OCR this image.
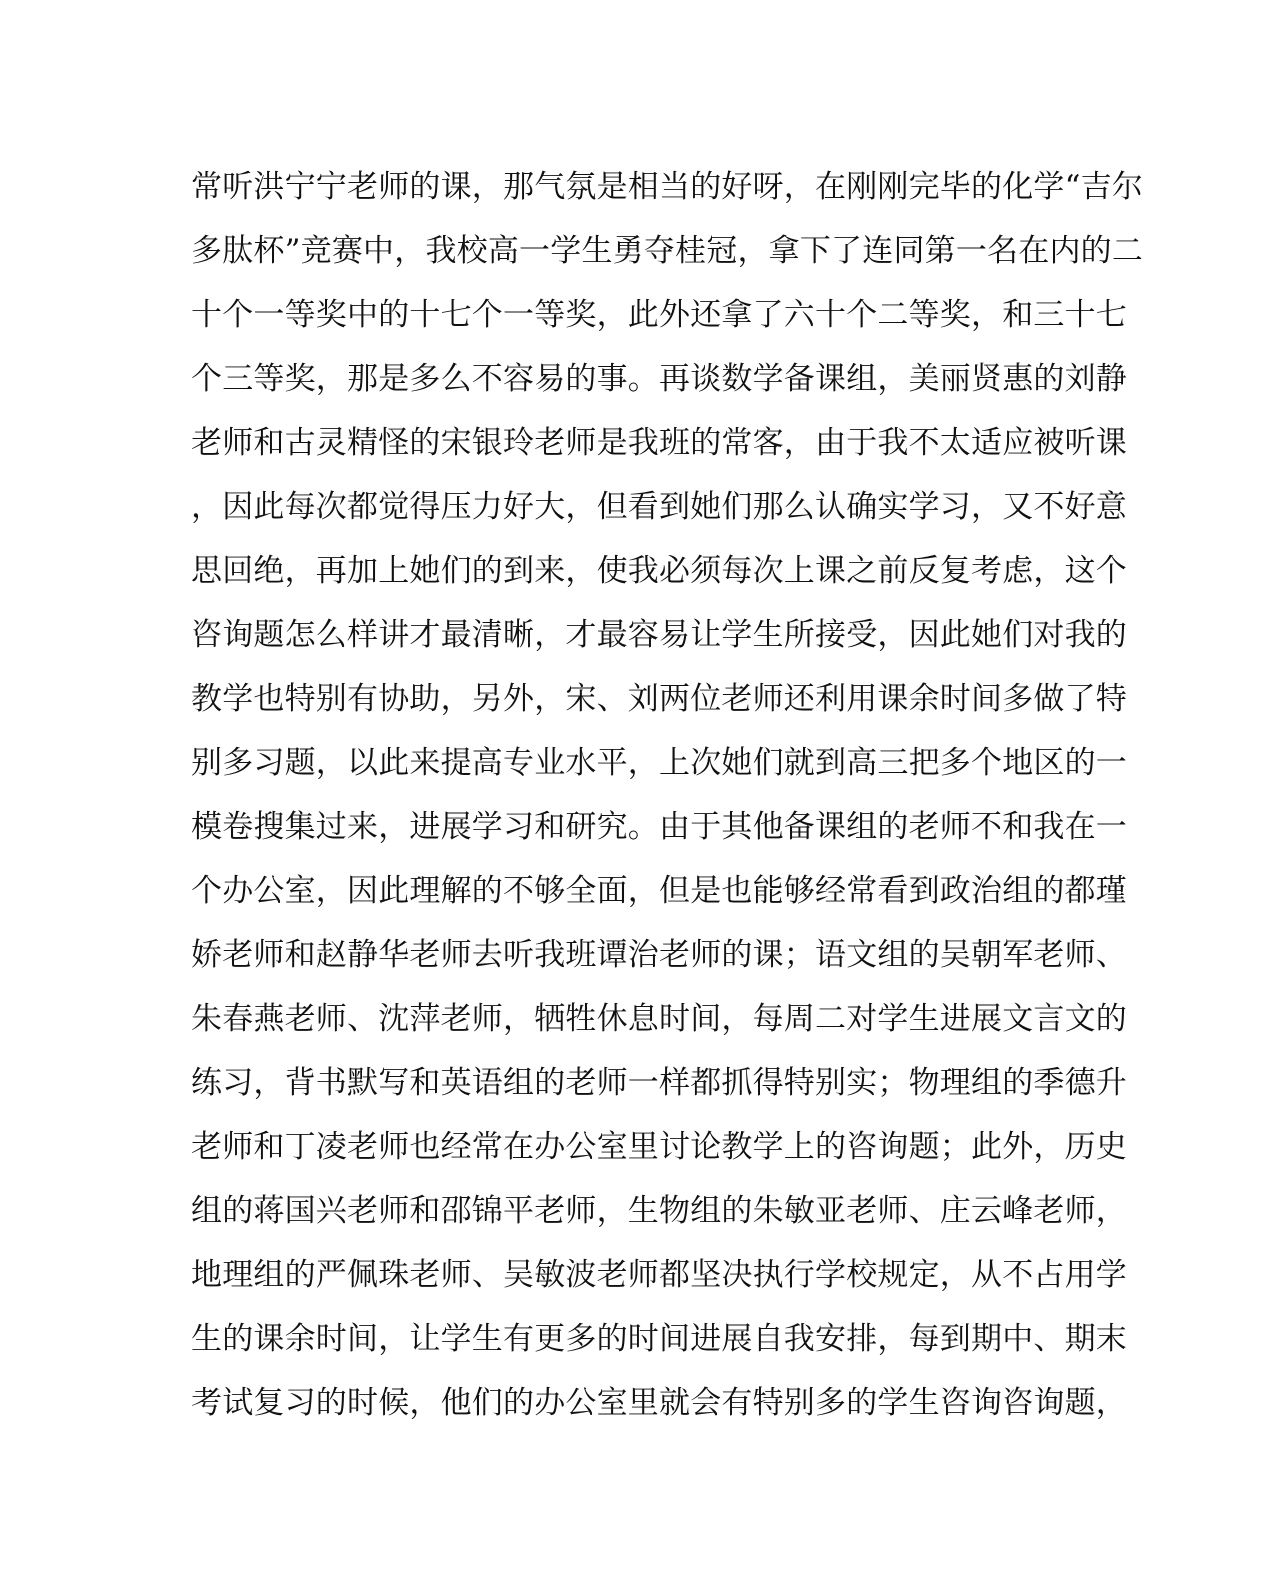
常听洪宁宁老师的课，那气氛是相当的好呀，在刚刚完毕的化学“吉尔
多肽杯”竞赛中，我校高一学生勇夺桂冠，拿下了连同第一名在内的二
十个一等奖中的十七个一等奖，此外还拿了六十个二等奖，和三十七
个三等奖，那是多么不容易的事。再谈数学备课组，美丽贤惠的刘静
老师和古灵精怪的宋银玲老师是我班的常客，由于我不太适应被听课
，因此每次都觉得压力好大，但看到她们那么认确实学习，又不好意
思回绝，再加上她们的到来，使我必须每次上课之前反复考虑，这个
咨询题怎么样讲才最清晰，才最容易让学生所接受，因此她们对我的
教学也特别有协助，另外，宋、刘两位老师还利用课余时间多做了特
别多习题，以此来提高专业水平，上次她们就到高三把多个地区的一
模卷搜集过来，进展学习和研究。由于其他备课组的老师不和我在一
个办公室，因此理解的不够全面，但是也能够经常看到政治组的都瑾
娇老师和赵静华老师去听我班谭治老师的课；语文组的吴朝军老师、
朱春燕老师、沈萍老师，牺牲休息时间，每周二对学生进展文言文的
练习，背书默写和英语组的老师一样都抓得特别实；物理组的季德升
老师和丁凌老师也经常在办公室里讨论教学上的咨询题；此外，历史
组的蒋国兴老师和邵锦平老师，生物组的朱敏亚老师、庄云峰老师，
地理组的严佩珠老师、吴敏波老师都坚决执行学校规定，从不占用学
生的课余时间，让学生有更多的时间进展自我安排，每到期中、期末
考试复习的时候，他们的办公室里就会有特别多的学生咨询咨询题，
